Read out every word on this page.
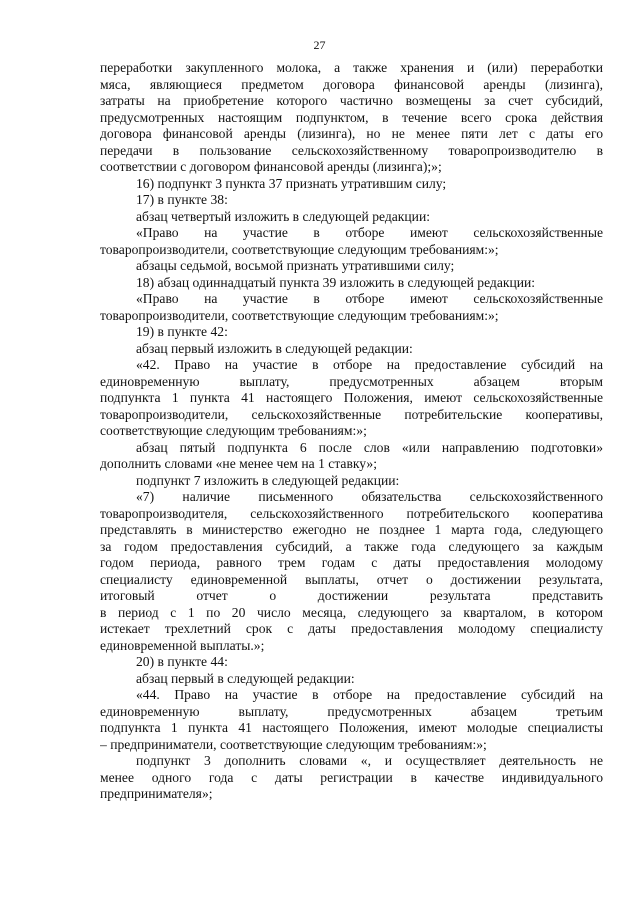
27
переработки закупленного молока, а также хранения и (или) переработки
мяса, являющиеся предметом договора финансовой аренды (лизинга),
затраты на приобретение которого частично возмещены за счет субсидий,
предусмотренных настоящим подпунктом, в течение всего срока действия
договора финансовой аренды (лизинга), но не менее пяти лет с даты его
передачи в пользование сельскохозяйственному товаропроизводителю в
соответствии с договором финансовой аренды (лизинга);»;
16) подпункт 3 пункта 37 признать утратившим силу;
17) в пункте 38:
абзац четвертый изложить в следующей редакции:
«Право на участие в отборе имеют сельскохозяйственные
товаропроизводители, соответствующие следующим требованиям:»;
абзацы седьмой, восьмой признать утратившими силу;
18) абзац одиннадцатый пункта 39 изложить в следующей редакции:
«Право на участие в отборе имеют сельскохозяйственные
товаропроизводители, соответствующие следующим требованиям:»;
19) в пункте 42:
абзац первый изложить в следующей редакции:
«42. Право на участие в отборе на предоставление субсидий на
единовременную выплату, предусмотренных абзацем вторым
подпункта 1 пункта 41 настоящего Положения, имеют сельскохозяйственные
товаропроизводители, сельскохозяйственные потребительские кооперативы,
соответствующие следующим требованиям:»;
абзац пятый подпункта 6 после слов «или направлению подготовки»
дополнить словами «не менее чем на 1 ставку»;
подпункт 7 изложить в следующей редакции:
«7) наличие письменного обязательства сельскохозяйственного
товаропроизводителя, сельскохозяйственного потребительского кооператива
представлять в министерство ежегодно не позднее 1 марта года, следующего
за годом предоставления субсидий, а также года следующего за каждым
годом периода, равного трем годам с даты предоставления молодому
специалисту единовременной выплаты, отчет о достижении результата,
итоговый отчет о достижении результата представить
в период с 1 по 20 число месяца, следующего за кварталом, в котором
истекает трехлетний срок с даты предоставления молодому специалисту
единовременной выплаты.»;
20) в пункте 44:
абзац первый в следующей редакции:
«44. Право на участие в отборе на предоставление субсидий на
единовременную выплату, предусмотренных абзацем третьим
подпункта 1 пункта 41 настоящего Положения, имеют молодые специалисты
– предприниматели, соответствующие следующим требованиям:»;
подпункт 3 дополнить словами «, и осуществляет деятельность не
менее одного года с даты регистрации в качестве индивидуального
предпринимателя»;
